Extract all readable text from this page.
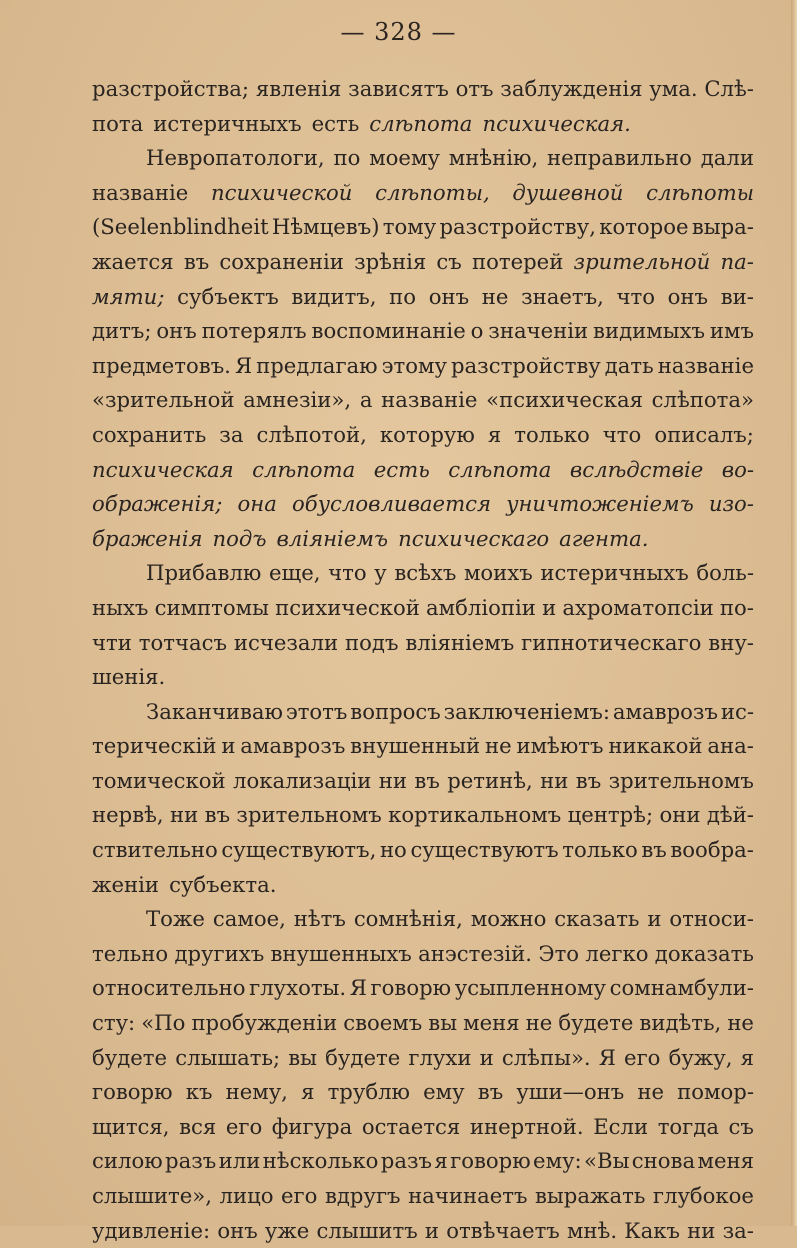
— 328 —
разстройства; явленія зависятъ отъ заблужденія ума. Слѣ-
пота истеричныхъ есть слѣпота психическая.
Невропатологи, по моему мнѣнію, неправильно дали
названіе психической слѣпоты, душевной слѣпоты
(Seelenblindheit Нѣмцевъ) тому разстройству, которое выра-
жается въ сохраненіи зрѣнія съ потерей зрительной па-
мяти; субъектъ видитъ, по онъ не знаетъ, что онъ ви-
дитъ; онъ потерялъ воспоминаніе о значеніи видимыхъ имъ
предметовъ. Я предлагаю этому разстройству дать названіе
«зрительной амнезіи», а названіе «психическая слѣпота»
сохранить за слѣпотой, которую я только что описалъ;
психическая слѣпота есть слѣпота вслѣдствіе во-
ображенія; она обусловливается уничтоженіемъ изо-
браженія подъ вліяніемъ психическаго агента.
Прибавлю еще, что у всѣхъ моихъ истеричныхъ боль-
ныхъ симптомы психической амбліопіи и ахроматопсіи по-
чти тотчасъ исчезали подъ вліяніемъ гипнотическаго вну-
шенія.
Заканчиваю этотъ вопросъ заключеніемъ: амаврозъ ис-
терическій и амаврозъ внушенный не имѣютъ никакой ана-
томической локализаціи ни въ ретинѣ, ни въ зрительномъ
нервѣ, ни въ зрительномъ кортикальномъ центрѣ; они дѣй-
ствительно существуютъ, но существуютъ только въ вообра-
женіи субъекта.
Тоже самое, нѣтъ сомнѣнія, можно сказать и относи-
тельно другихъ внушенныхъ анэстезій. Это легко доказать
относительно глухоты. Я говорю усыпленному сомнамбули-
сту: «По пробужденіи своемъ вы меня не будете видѣть, не
будете слышать; вы будете глухи и слѣпы». Я его бужу, я
говорю къ нему, я трублю ему въ уши—онъ не помор-
щится, вся его фигура остается инертной. Если тогда съ
силою разъ или нѣсколько разъ я говорю ему: «Вы снова меня
слышите», лицо его вдругъ начинаетъ выражать глубокое
удивленіе: онъ уже слышитъ и отвѣчаетъ мнѣ. Какъ ни за-
